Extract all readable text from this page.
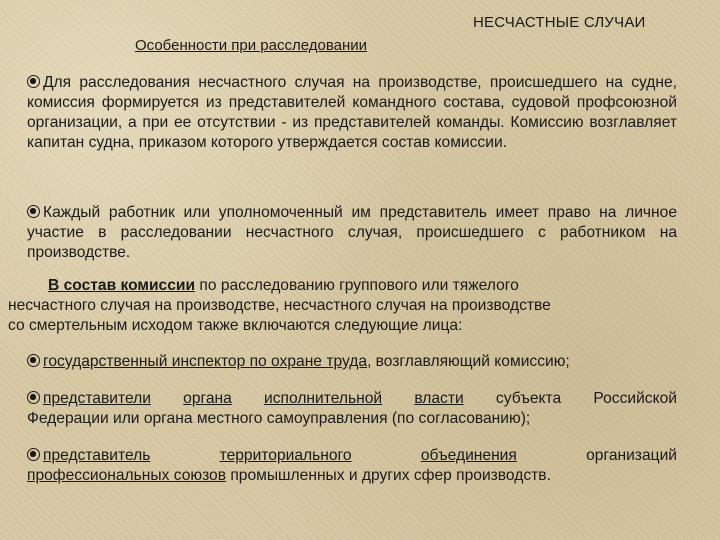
НЕСЧАСТНЫЕ СЛУЧАИ
Особенности при расследовании
Для расследования несчастного случая на производстве, происшедшего на судне, комиссия формируется из представителей командного состава, судовой профсоюзной организации, а при ее отсутствии - из представителей команды. Комиссию возглавляет капитан судна, приказом которого утверждается состав комиссии.
Каждый работник или уполномоченный им представитель имеет право на личное участие в расследовании несчастного случая, происшедшего с работником на производстве.
В состав комиссии по расследованию группового или тяжелого
несчастного случая на производстве, несчастного случая на производстве
со смертельным исходом также включаются следующие лица:
государственный инспектор по охране труда, возглавляющий комиссию;
представители органа исполнительной власти субъекта Российской
Федерации или органа местного самоуправления (по согласованию);
представитель	территориального	объединения	организаций
профессиональных союзов промышленных и других сфер производств.
